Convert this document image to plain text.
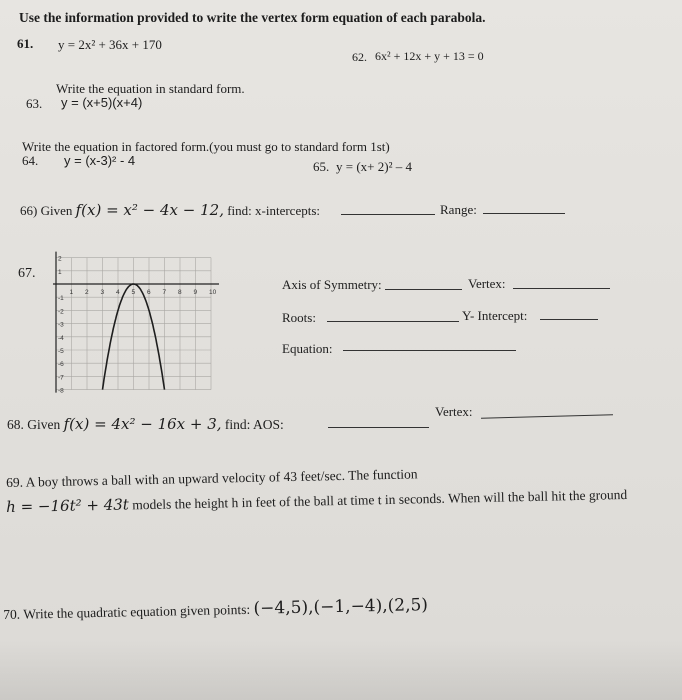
Use the information provided to write the vertex form equation of each parabola.
61. y = 2x² + 36x + 170
62. 6x² + 12x + y + 13 = 0
Write the equation in standard form.
63. y = (x+5)(x+4)
Write the equation in factored form.(you must go to standard form 1st)
64. y = (x-3)² - 4	65. y = (x+ 2)² – 4
66) Given f(x) = x² − 4x − 12, find: x-intercepts:	Range:
67.
1 2 3 4 5 6 7 8 9 10
2
1
-1
-2
-3
-4
-5
-6
-7
-8
Axis of Symmetry:	Vertex:
Roots:	Y- Intercept:
Equation:
68. Given f(x) = 4x² − 16x + 3, find: AOS:
Vertex:
69. A boy throws a ball with an upward velocity of 43 feet/sec. The function
h = −16t² + 43t models the height h in feet of the ball at time t in seconds. When will the ball hit the ground
70. Write the quadratic equation given points: (−4,5),(−1,−4),(2,5)
